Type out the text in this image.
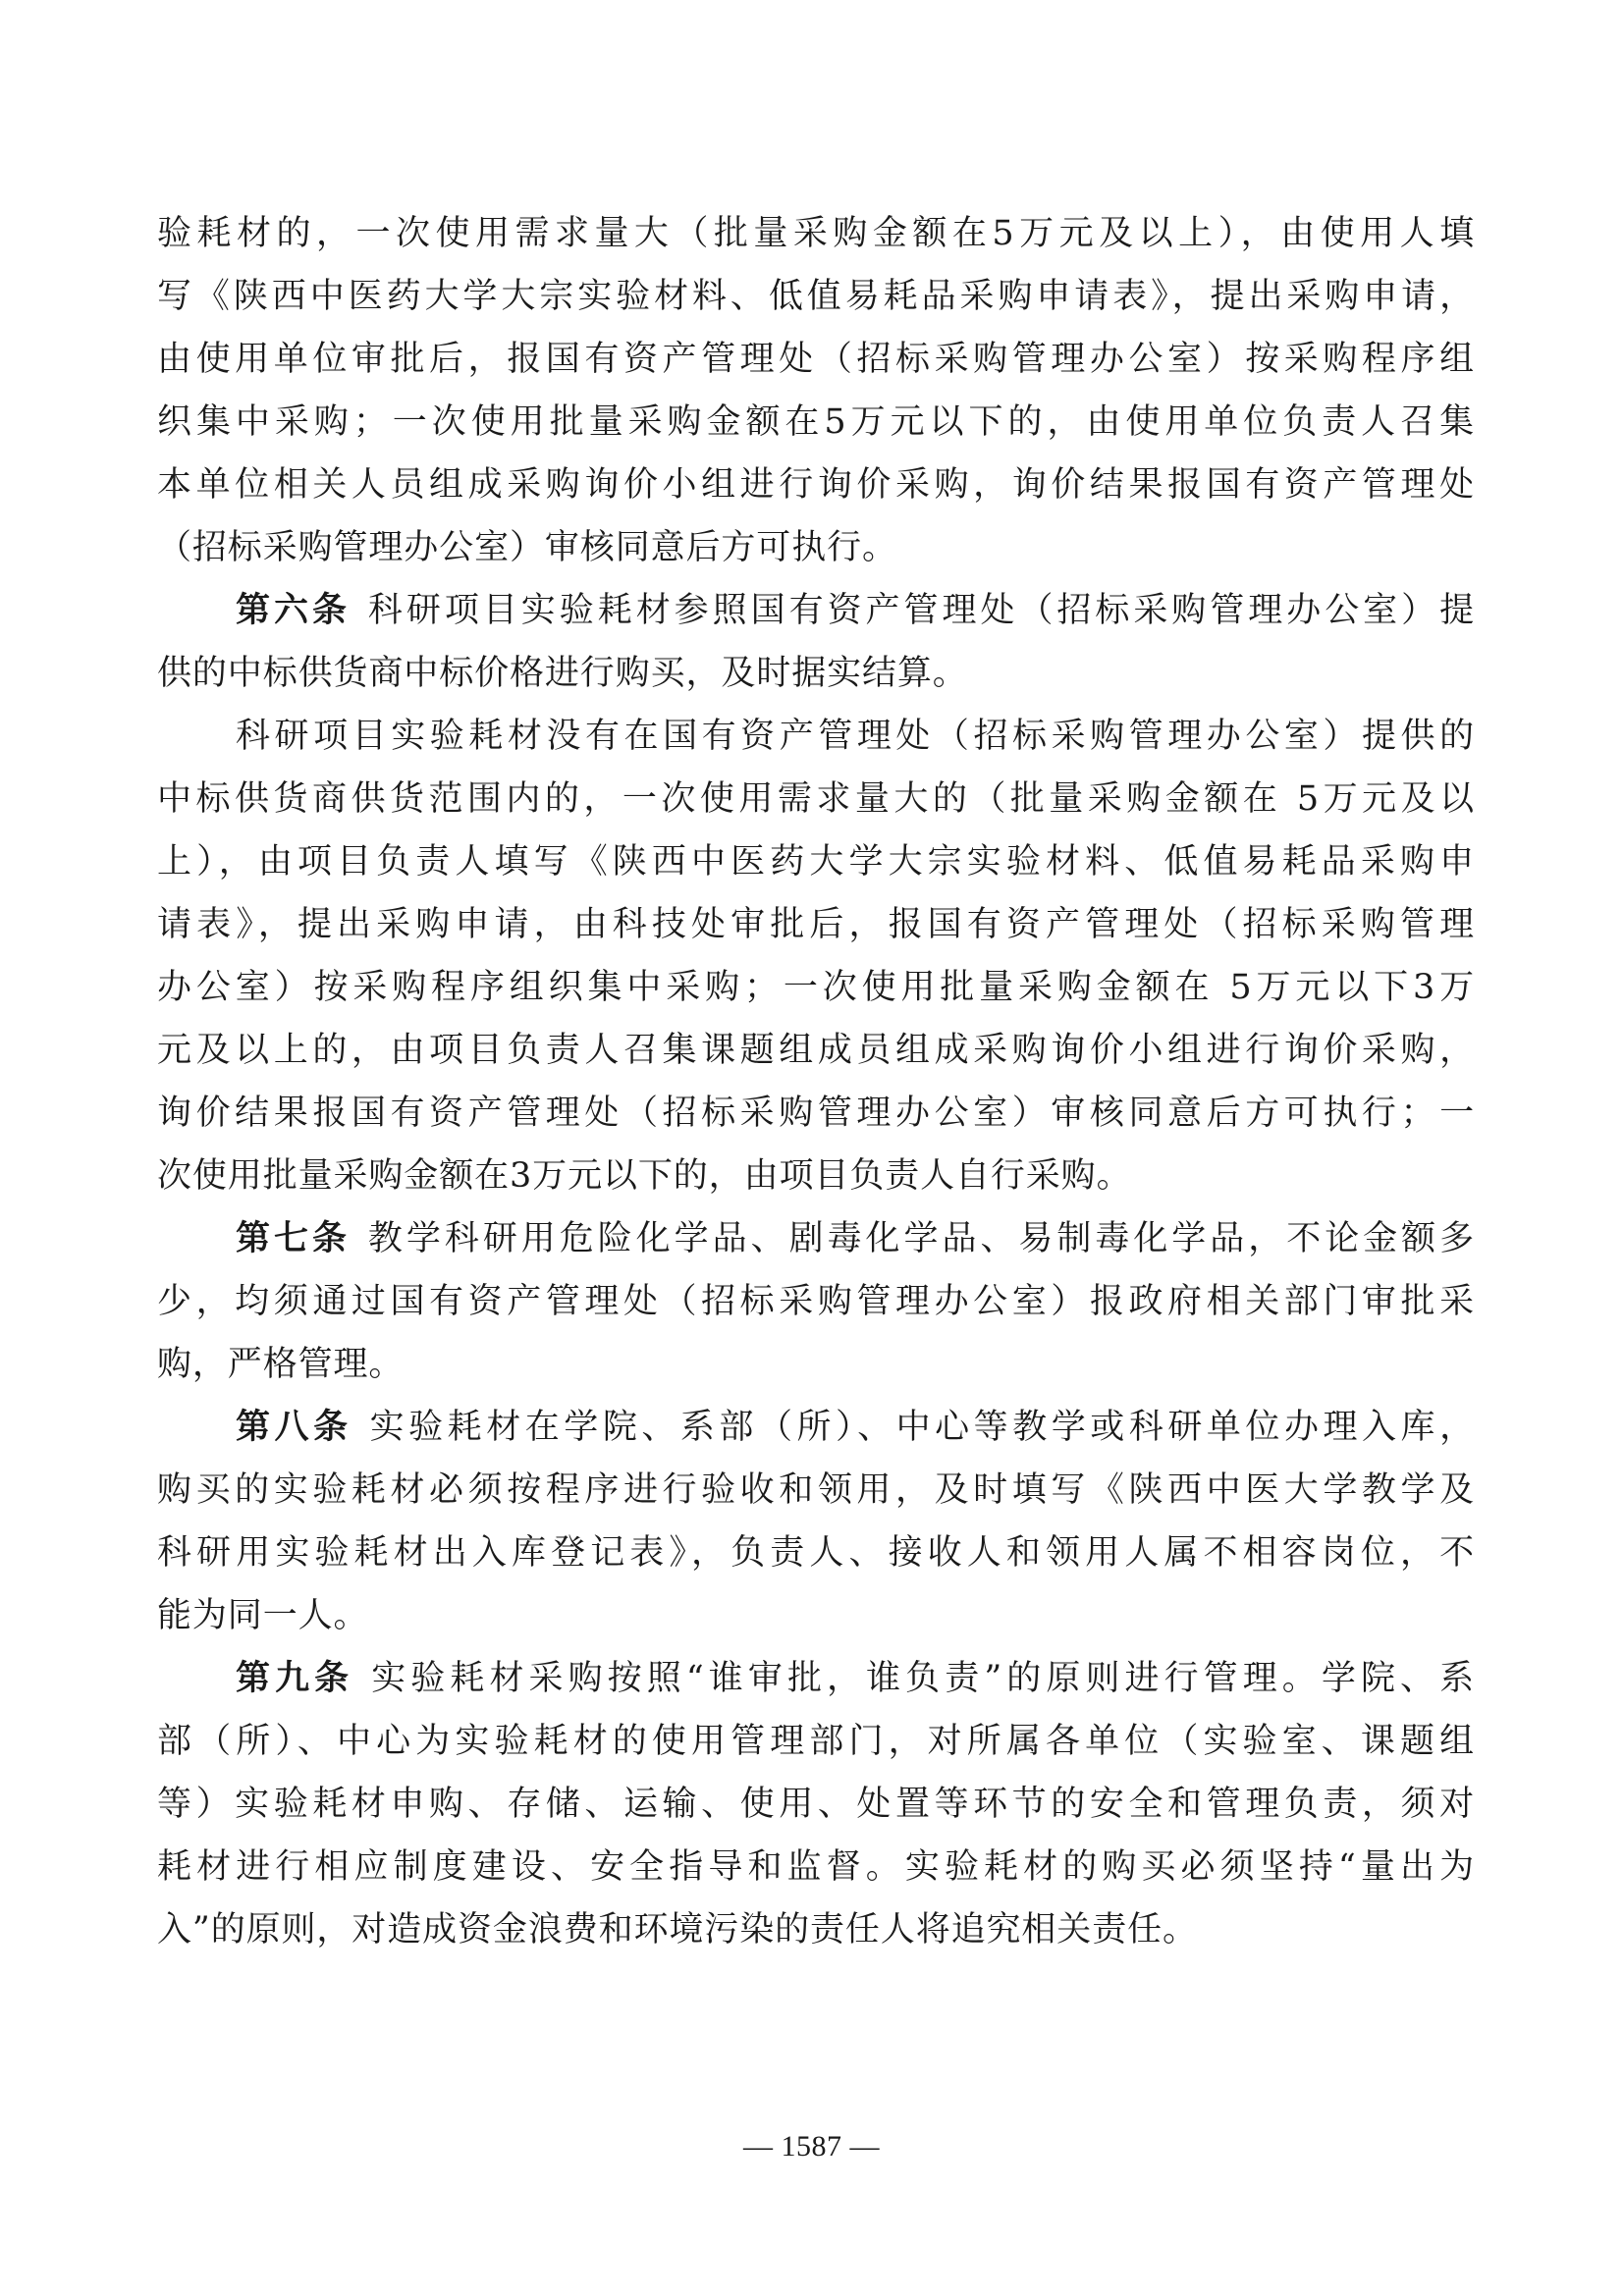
验耗材的，一次使用需求量大（批量采购金额在5万元及以上），由使用人填
写《陕西中医药大学大宗实验材料、低值易耗品采购申请表》，提出采购申请，
由使用单位审批后，报国有资产管理处（招标采购管理办公室）按采购程序组
织集中采购；一次使用批量采购金额在5万元以下的，由使用单位负责人召集
本单位相关人员组成采购询价小组进行询价采购，询价结果报国有资产管理处
（招标采购管理办公室）审核同意后方可执行。
第六条 科研项目实验耗材参照国有资产管理处（招标采购管理办公室）提
供的中标供货商中标价格进行购买，及时据实结算。
科研项目实验耗材没有在国有资产管理处（招标采购管理办公室）提供的
中标供货商供货范围内的，一次使用需求量大的（批量采购金额在 5万元及以
上），由项目负责人填写《陕西中医药大学大宗实验材料、低值易耗品采购申
请表》，提出采购申请，由科技处审批后，报国有资产管理处（招标采购管理
办公室）按采购程序组织集中采购；一次使用批量采购金额在 5万元以下3万
元及以上的，由项目负责人召集课题组成员组成采购询价小组进行询价采购，
询价结果报国有资产管理处（招标采购管理办公室）审核同意后方可执行；一
次使用批量采购金额在3万元以下的，由项目负责人自行采购。
第七条 教学科研用危险化学品、剧毒化学品、易制毒化学品，不论金额多
少，均须通过国有资产管理处（招标采购管理办公室）报政府相关部门审批采
购，严格管理。
第八条 实验耗材在学院、系部（所）、中心等教学或科研单位办理入库，
购买的实验耗材必须按程序进行验收和领用，及时填写《陕西中医大学教学及
科研用实验耗材出入库登记表》，负责人、接收人和领用人属不相容岗位，不
能为同一人。
第九条 实验耗材采购按照“谁审批，谁负责”的原则进行管理。学院、系
部（所）、中心为实验耗材的使用管理部门，对所属各单位（实验室、课题组
等）实验耗材申购、存储、运输、使用、处置等环节的安全和管理负责，须对
耗材进行相应制度建设、安全指导和监督。实验耗材的购买必须坚持“量出为
入”的原则，对造成资金浪费和环境污染的责任人将追究相关责任。
— 1587 —
